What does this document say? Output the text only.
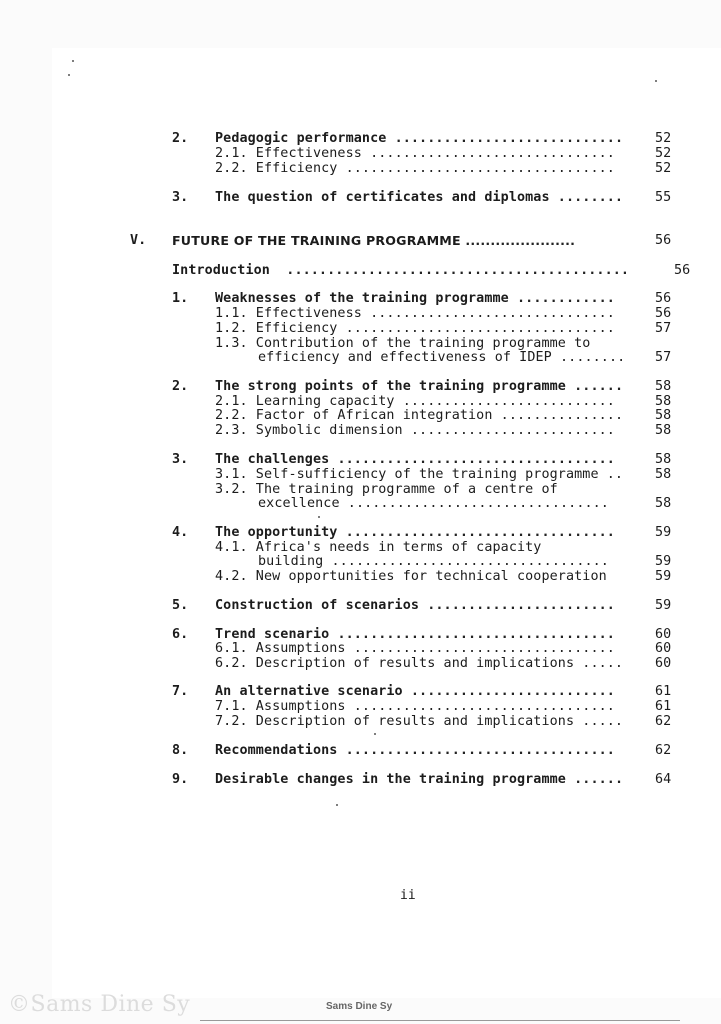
2. Pedagogic performance ............................ 52
2.1. Effectiveness ..............................	52
2.2. Efficiency .................................	52
3. The question of certificates and diplomas ........ 55
V. FUTURE OF THE TRAINING PROGRAMME ......................	56
Introduction  ..........................................	56
1. Weaknesses of the training programme ............	56
1.1. Effectiveness ..............................	56
1.2. Efficiency .................................	57
1.3. Contribution of the training programme to
efficiency and effectiveness of IDEP ........ 57
2. The strong points of the training programme ...... 58
2.1. Learning capacity ..........................	58
2.2. Factor of African integration ............... 58
2.3. Symbolic dimension .........................	58
3. The challenges ..................................	58
3.1. Self-sufficiency of the training programme .. 58
3.2. The training programme of a centre of
excellence ................................	58
4. The opportunity .................................	59
4.1. Africa's needs in terms of capacity
building ..................................	59
4.2. New opportunities for technical cooperation	59
5. Construction of scenarios .......................	59
6. Trend scenario ..................................	60
6.1. Assumptions ................................	60
6.2. Description of results and implications ..... 60
7. An alternative scenario .........................	61
7.1. Assumptions ................................	61
7.2. Description of results and implications ..... 62
8. Recommendations .................................	62
9. Desirable changes in the training programme ...... 64
ii
©Sams Dine Sy	Sams Dine Sy
